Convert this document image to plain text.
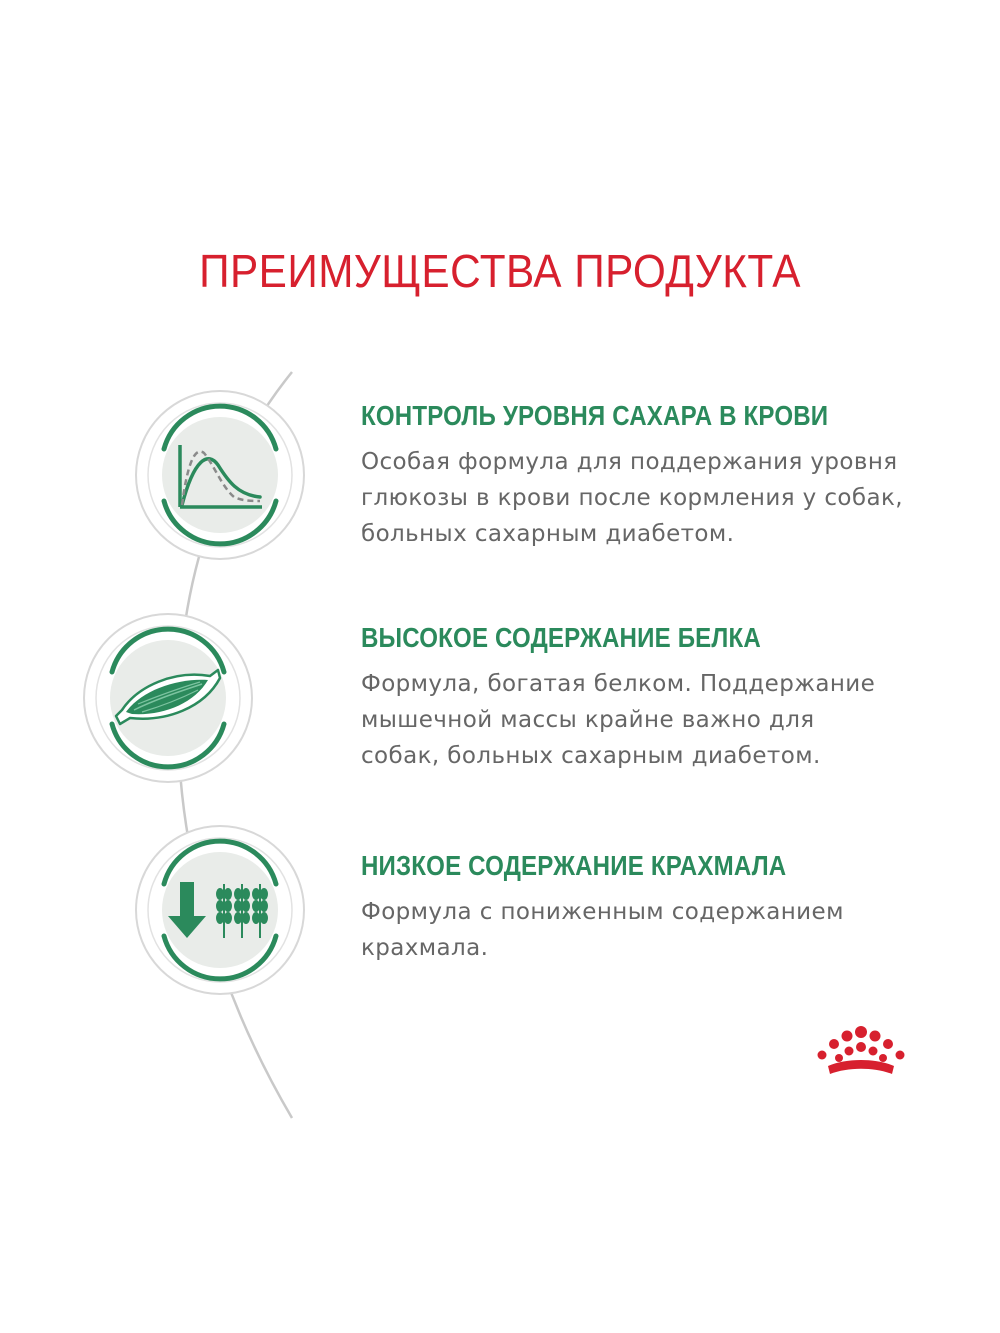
ПРЕИМУЩЕСТВА ПРОДУКТА
КОНТРОЛЬ УРОВНЯ САХАРА В КРОВИ

Особая формула для поддержания уровня
глюкозы в крови после кормления у собак,
больных сахарным диабетом.

ВЫСОКОЕ СОДЕРЖАНИЕ БЕЛКА

Формула, богатая белком. Поддержание
мышечной массы крайне важно для
собак, больных сахарным диабетом.

НИЗКОЕ СОДЕРЖАНИЕ КРАХМАЛА

Формула с пониженным содержанием
крахмала.
